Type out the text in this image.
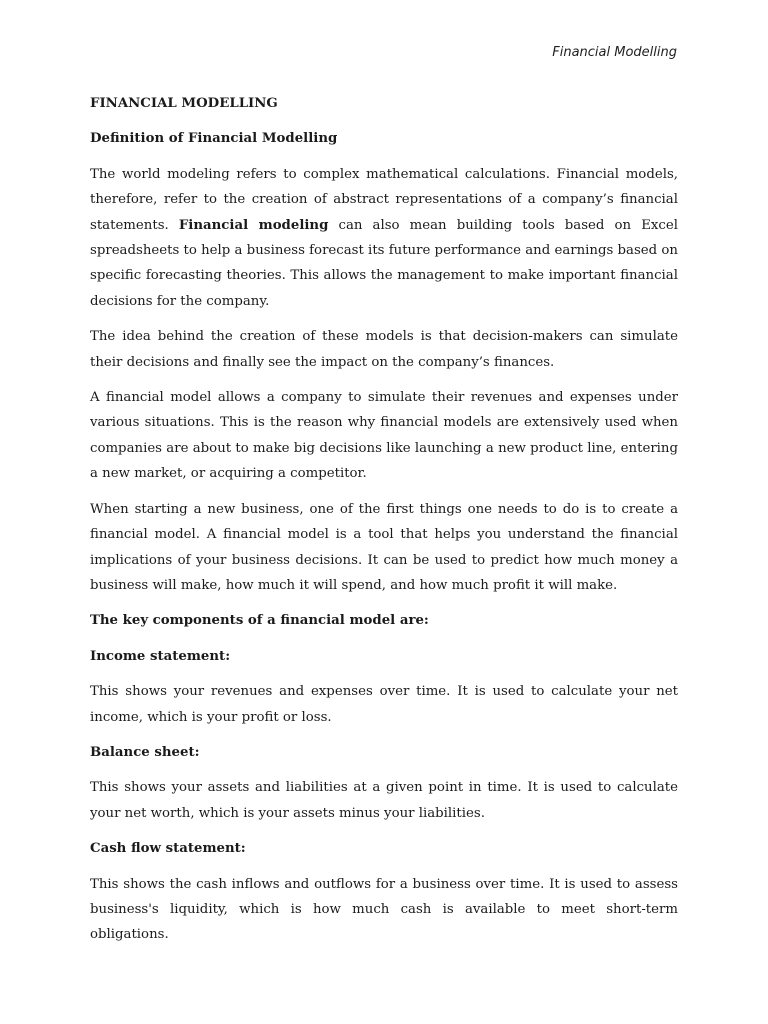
Financial Modelling
FINANCIAL MODELLING
Definition of Financial Modelling

The world modeling refers to complex mathematical calculations. Financial models, therefore, refer to the creation of abstract representations of a company’s financial statements. Financial modeling can also mean building tools based on Excel spreadsheets to help a business forecast its future performance and earnings based on specific forecasting theories. This allows the management to make important financial decisions for the company.

The idea behind the creation of these models is that decision-makers can simulate their decisions and finally see the impact on the company’s finances.

A financial model allows a company to simulate their revenues and expenses under various situations. This is the reason why financial models are extensively used when companies are about to make big decisions like launching a new product line, entering a new market, or acquiring a competitor.

When starting a new business, one of the first things one needs to do is to create a financial model. A financial model is a tool that helps you understand the financial implications of your business decisions. It can be used to predict how much money a business will make, how much it will spend, and how much profit it will make.

The key components of a financial model are:
Income statement:

This shows your revenues and expenses over time. It is used to calculate your net income, which is your profit or loss.

Balance sheet:

This shows your assets and liabilities at a given point in time. It is used to calculate your net worth, which is your assets minus your liabilities.

Cash flow statement:

This shows the cash inflows and outflows for a business over time. It is used to assess business's liquidity, which is how much cash is available to meet short-term obligations.
